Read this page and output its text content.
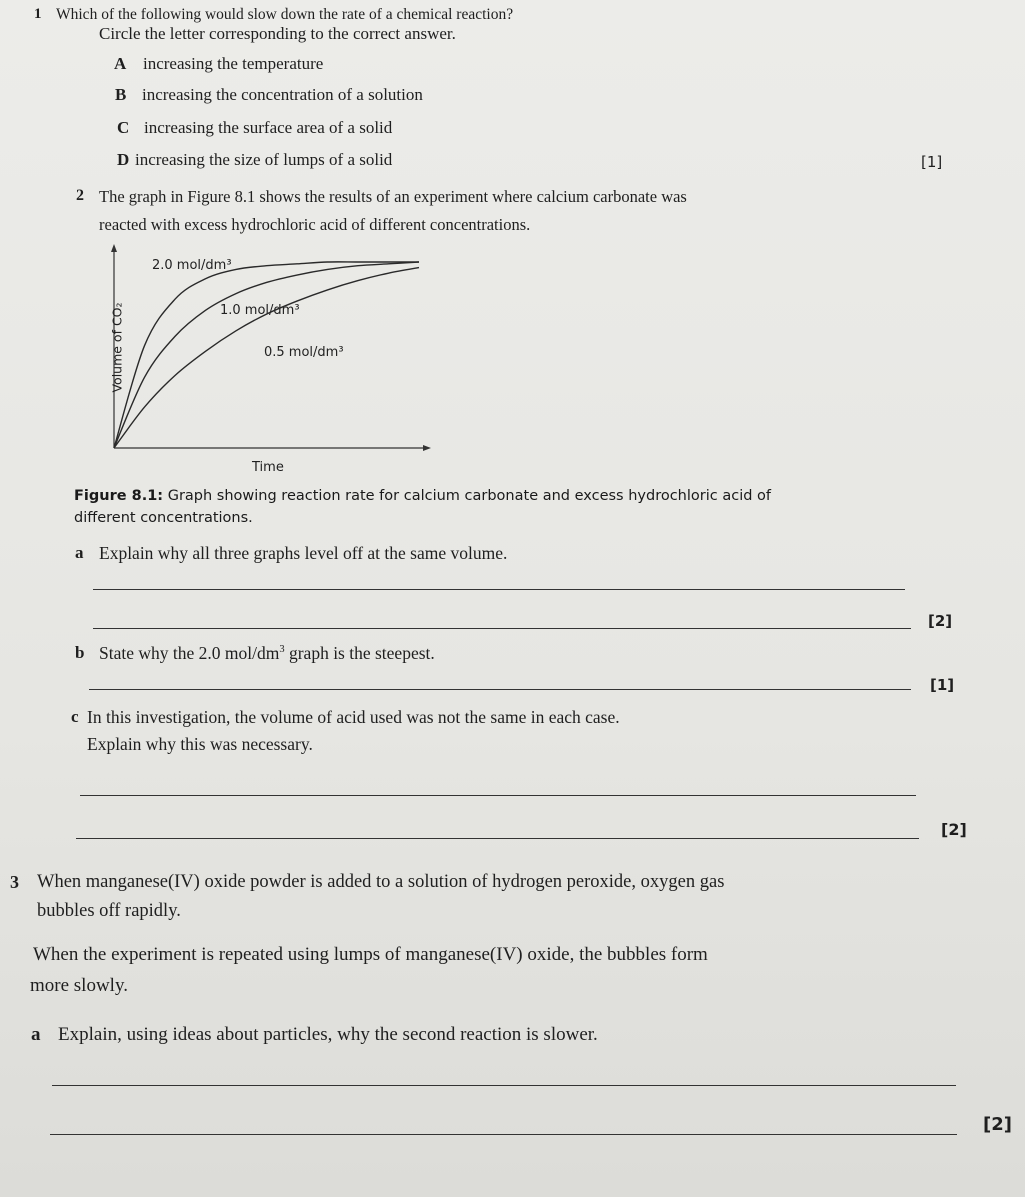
1 Which of the following would slow down the rate of a chemical reaction?
Circle the letter corresponding to the correct answer.
A increasing the temperature
B increasing the concentration of a solution
C increasing the surface area of a solid
D increasing the size of lumps of a solid	[1]
2 The graph in Figure 8.1 shows the results of an experiment where calcium carbonate was
reacted with excess hydrochloric acid of different concentrations.
2.0 mol/dm³
1.0 mol/dm³
0.5 mol/dm³
Volume of CO₂
Time
Figure 8.1: Graph showing reaction rate for calcium carbonate and excess hydrochloric acid of
different concentrations.
a Explain why all three graphs level off at the same volume.
[2]
b State why the 2.0 mol/$dm^3$ graph is the steepest.
[1]
c In this investigation, the volume of acid used was not the same in each case.
Explain why this was necessary.
[2]
3 When manganese(IV) oxide powder is added to a solution of hydrogen peroxide, oxygen gas
bubbles off rapidly.
When the experiment is repeated using lumps of manganese(IV) oxide, the bubbles form
more slowly.
a Explain, using ideas about particles, why the second reaction is slower.
[2]
